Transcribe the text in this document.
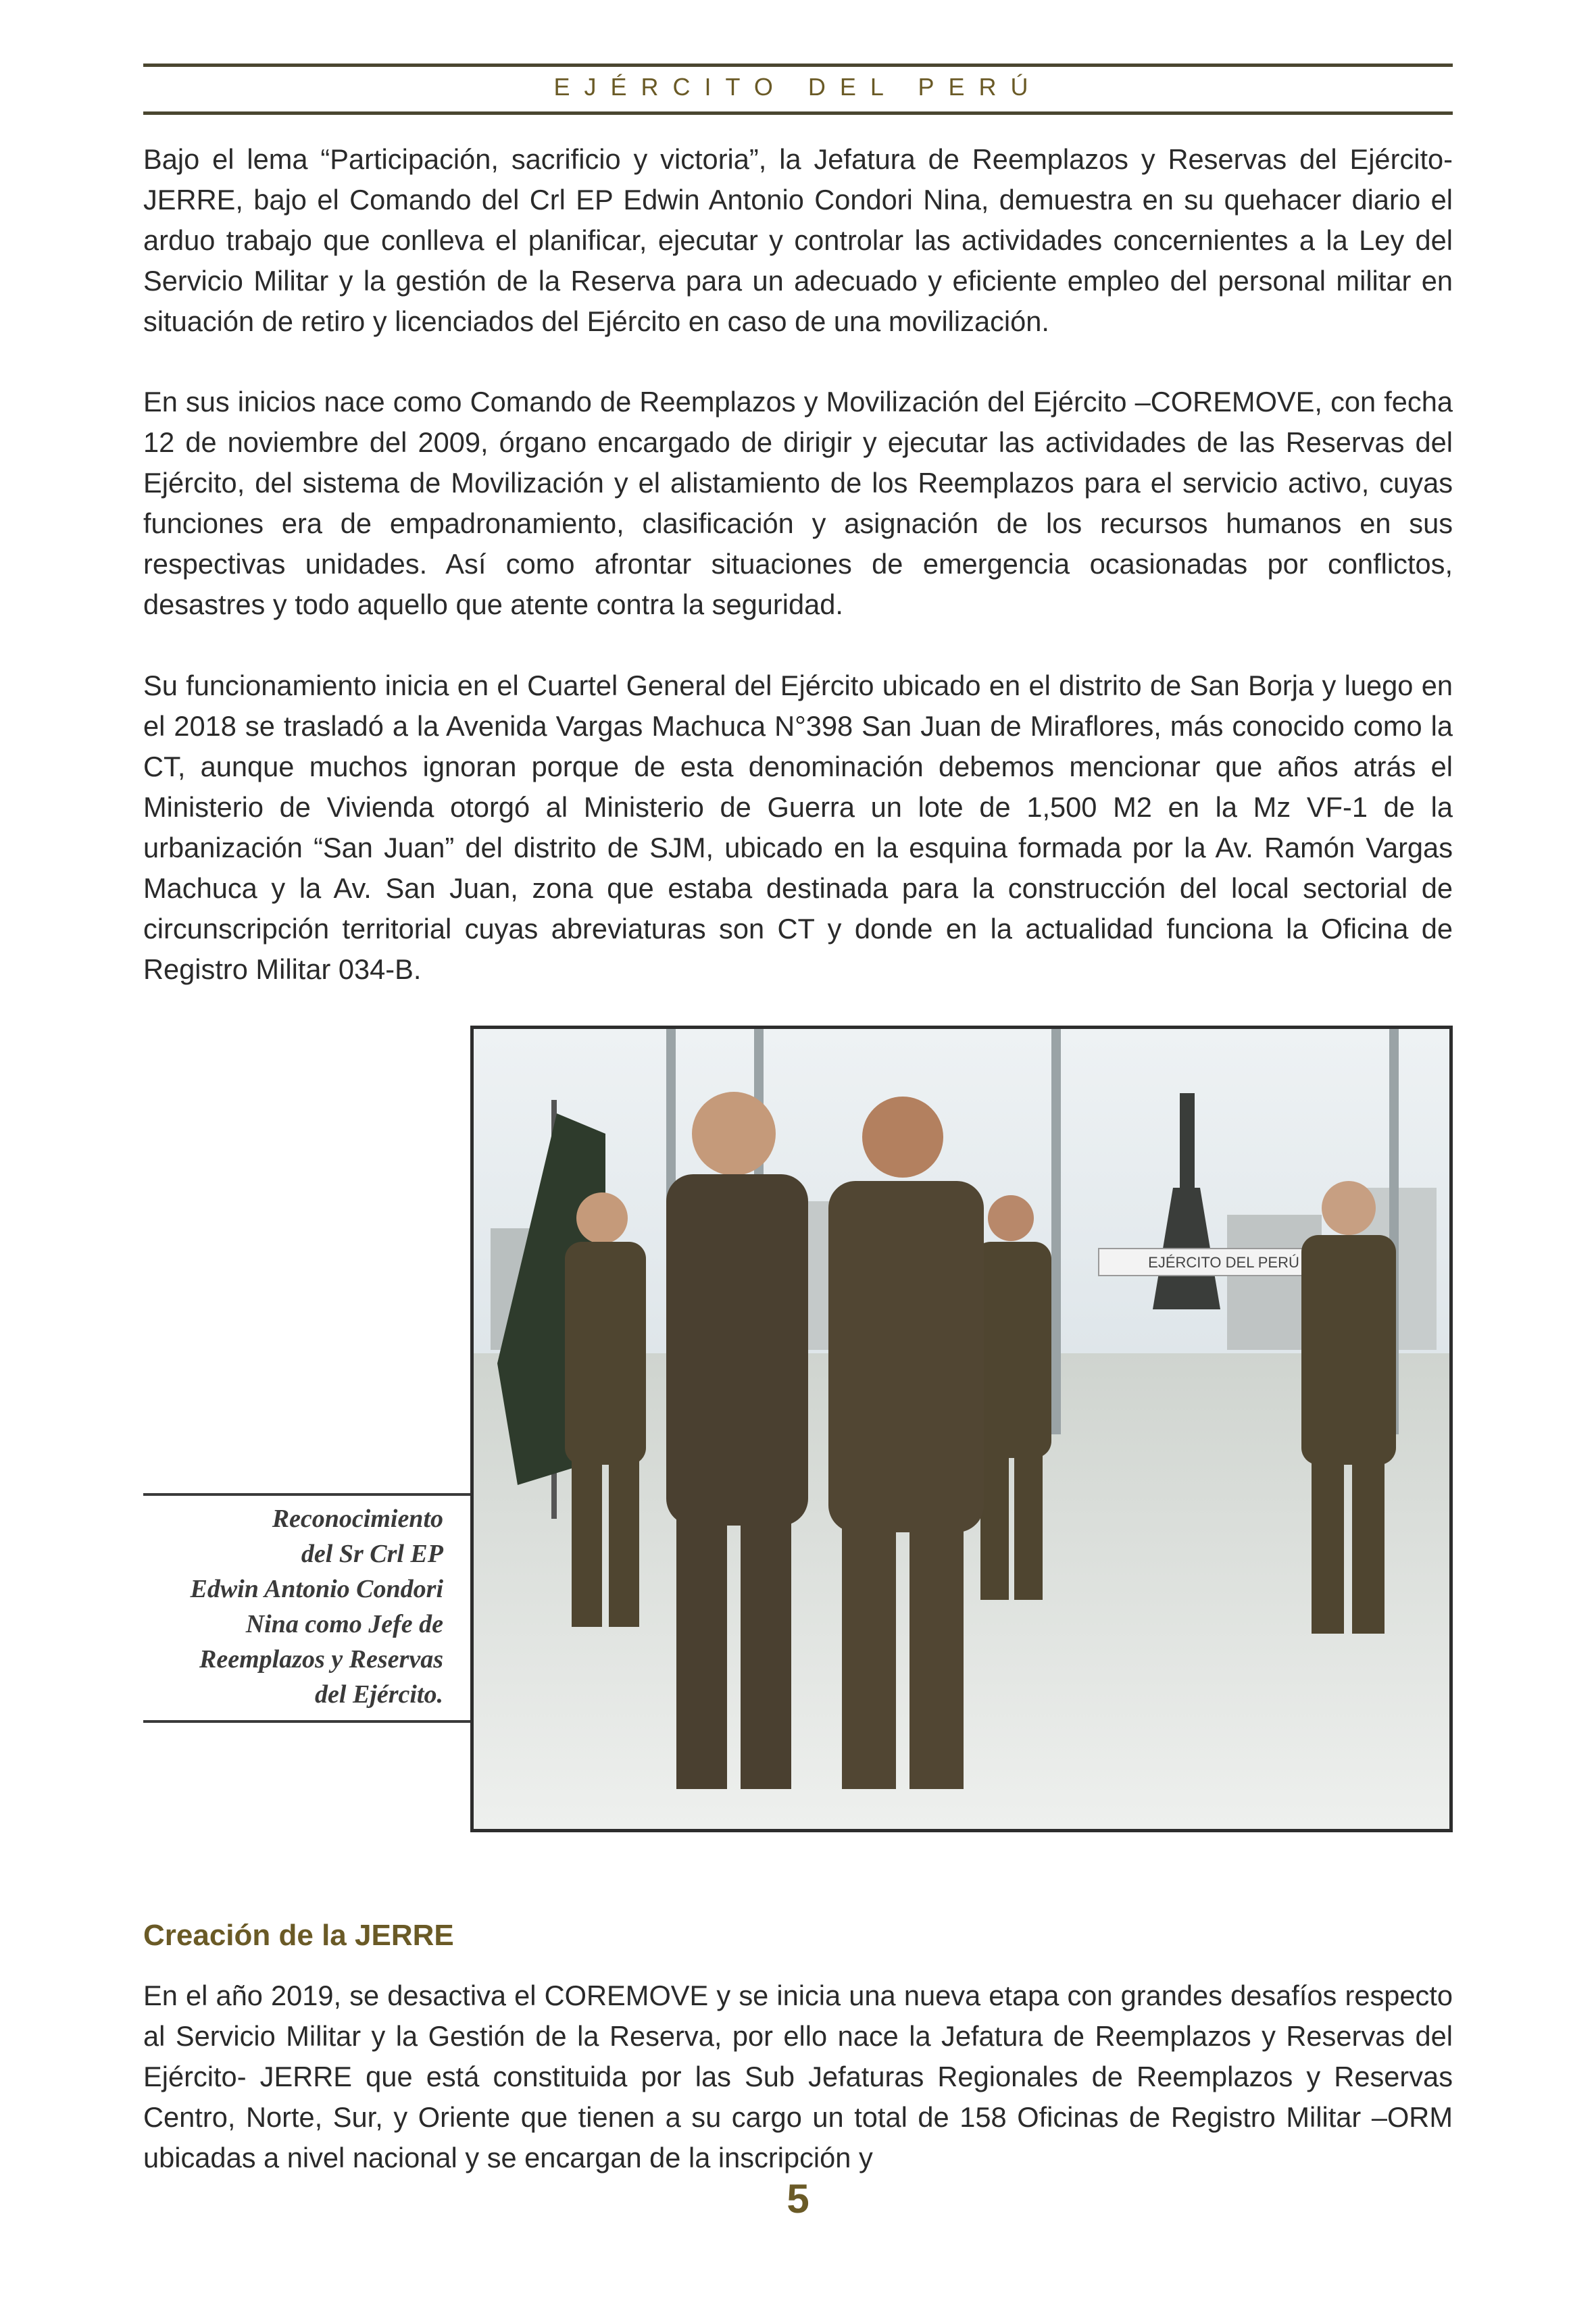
EJÉRCITO DEL PERÚ

Bajo el lema “Participación, sacrificio y victoria”, la Jefatura de Reemplazos y Reservas del Ejército-JERRE, bajo el Comando del Crl EP Edwin Antonio Condori Nina, demuestra en su quehacer diario el arduo trabajo que conlleva el planificar, ejecutar y controlar las actividades concernientes a la Ley del Servicio Militar y la gestión de la Reserva para un adecuado y eficiente empleo del personal militar en situación de retiro y licenciados del Ejército en caso de una movilización.

En sus inicios nace como Comando de Reemplazos y Movilización del Ejército –COREMOVE, con fecha 12 de noviembre del 2009, órgano encargado de dirigir y ejecutar las actividades de las Reservas del Ejército, del sistema de Movilización y el alistamiento de los Reemplazos para el servicio activo, cuyas funciones era de empadronamiento, clasificación y asignación de los recursos humanos en sus respectivas unidades. Así como afrontar situaciones de emergencia ocasionadas por conflictos, desastres y todo aquello que atente contra la seguridad.

Su funcionamiento inicia en el Cuartel General del Ejército ubicado en el distrito de San Borja y luego en el 2018 se trasladó a la Avenida Vargas Machuca N°398 San Juan de Miraflores, más conocido como la CT, aunque muchos ignoran porque de esta denominación debemos mencionar que años atrás el Ministerio de Vivienda otorgó al Ministerio de Guerra un lote de 1,500 M2 en la Mz VF-1 de la urbanización “San Juan” del distrito de SJM, ubicado en la esquina formada por la Av. Ramón Vargas Machuca y la Av. San Juan, zona que estaba destinada para la construcción del local sectorial de circunscripción territorial cuyas abreviaturas son CT y donde en la actualidad funciona la Oficina de Registro Militar 034-B.

EJÉRCITO DEL PERÚ
Reconocimiento
del Sr Crl EP
Edwin Antonio Condori
Nina como Jefe de
Reemplazos y Reservas
del Ejército.
Creación de la JERRE

En el año 2019, se desactiva el COREMOVE y se inicia una nueva etapa con grandes desafíos respecto al Servicio Militar y la Gestión de la Reserva, por ello nace la Jefatura de Reemplazos y Reservas del Ejército- JERRE que está constituida por las Sub Jefaturas Regionales de Reemplazos y Reservas Centro, Norte, Sur, y Oriente que tienen a su cargo un total de 158 Oficinas de Registro Militar –ORM ubicadas a nivel nacional y se encargan de la inscripción y

5
